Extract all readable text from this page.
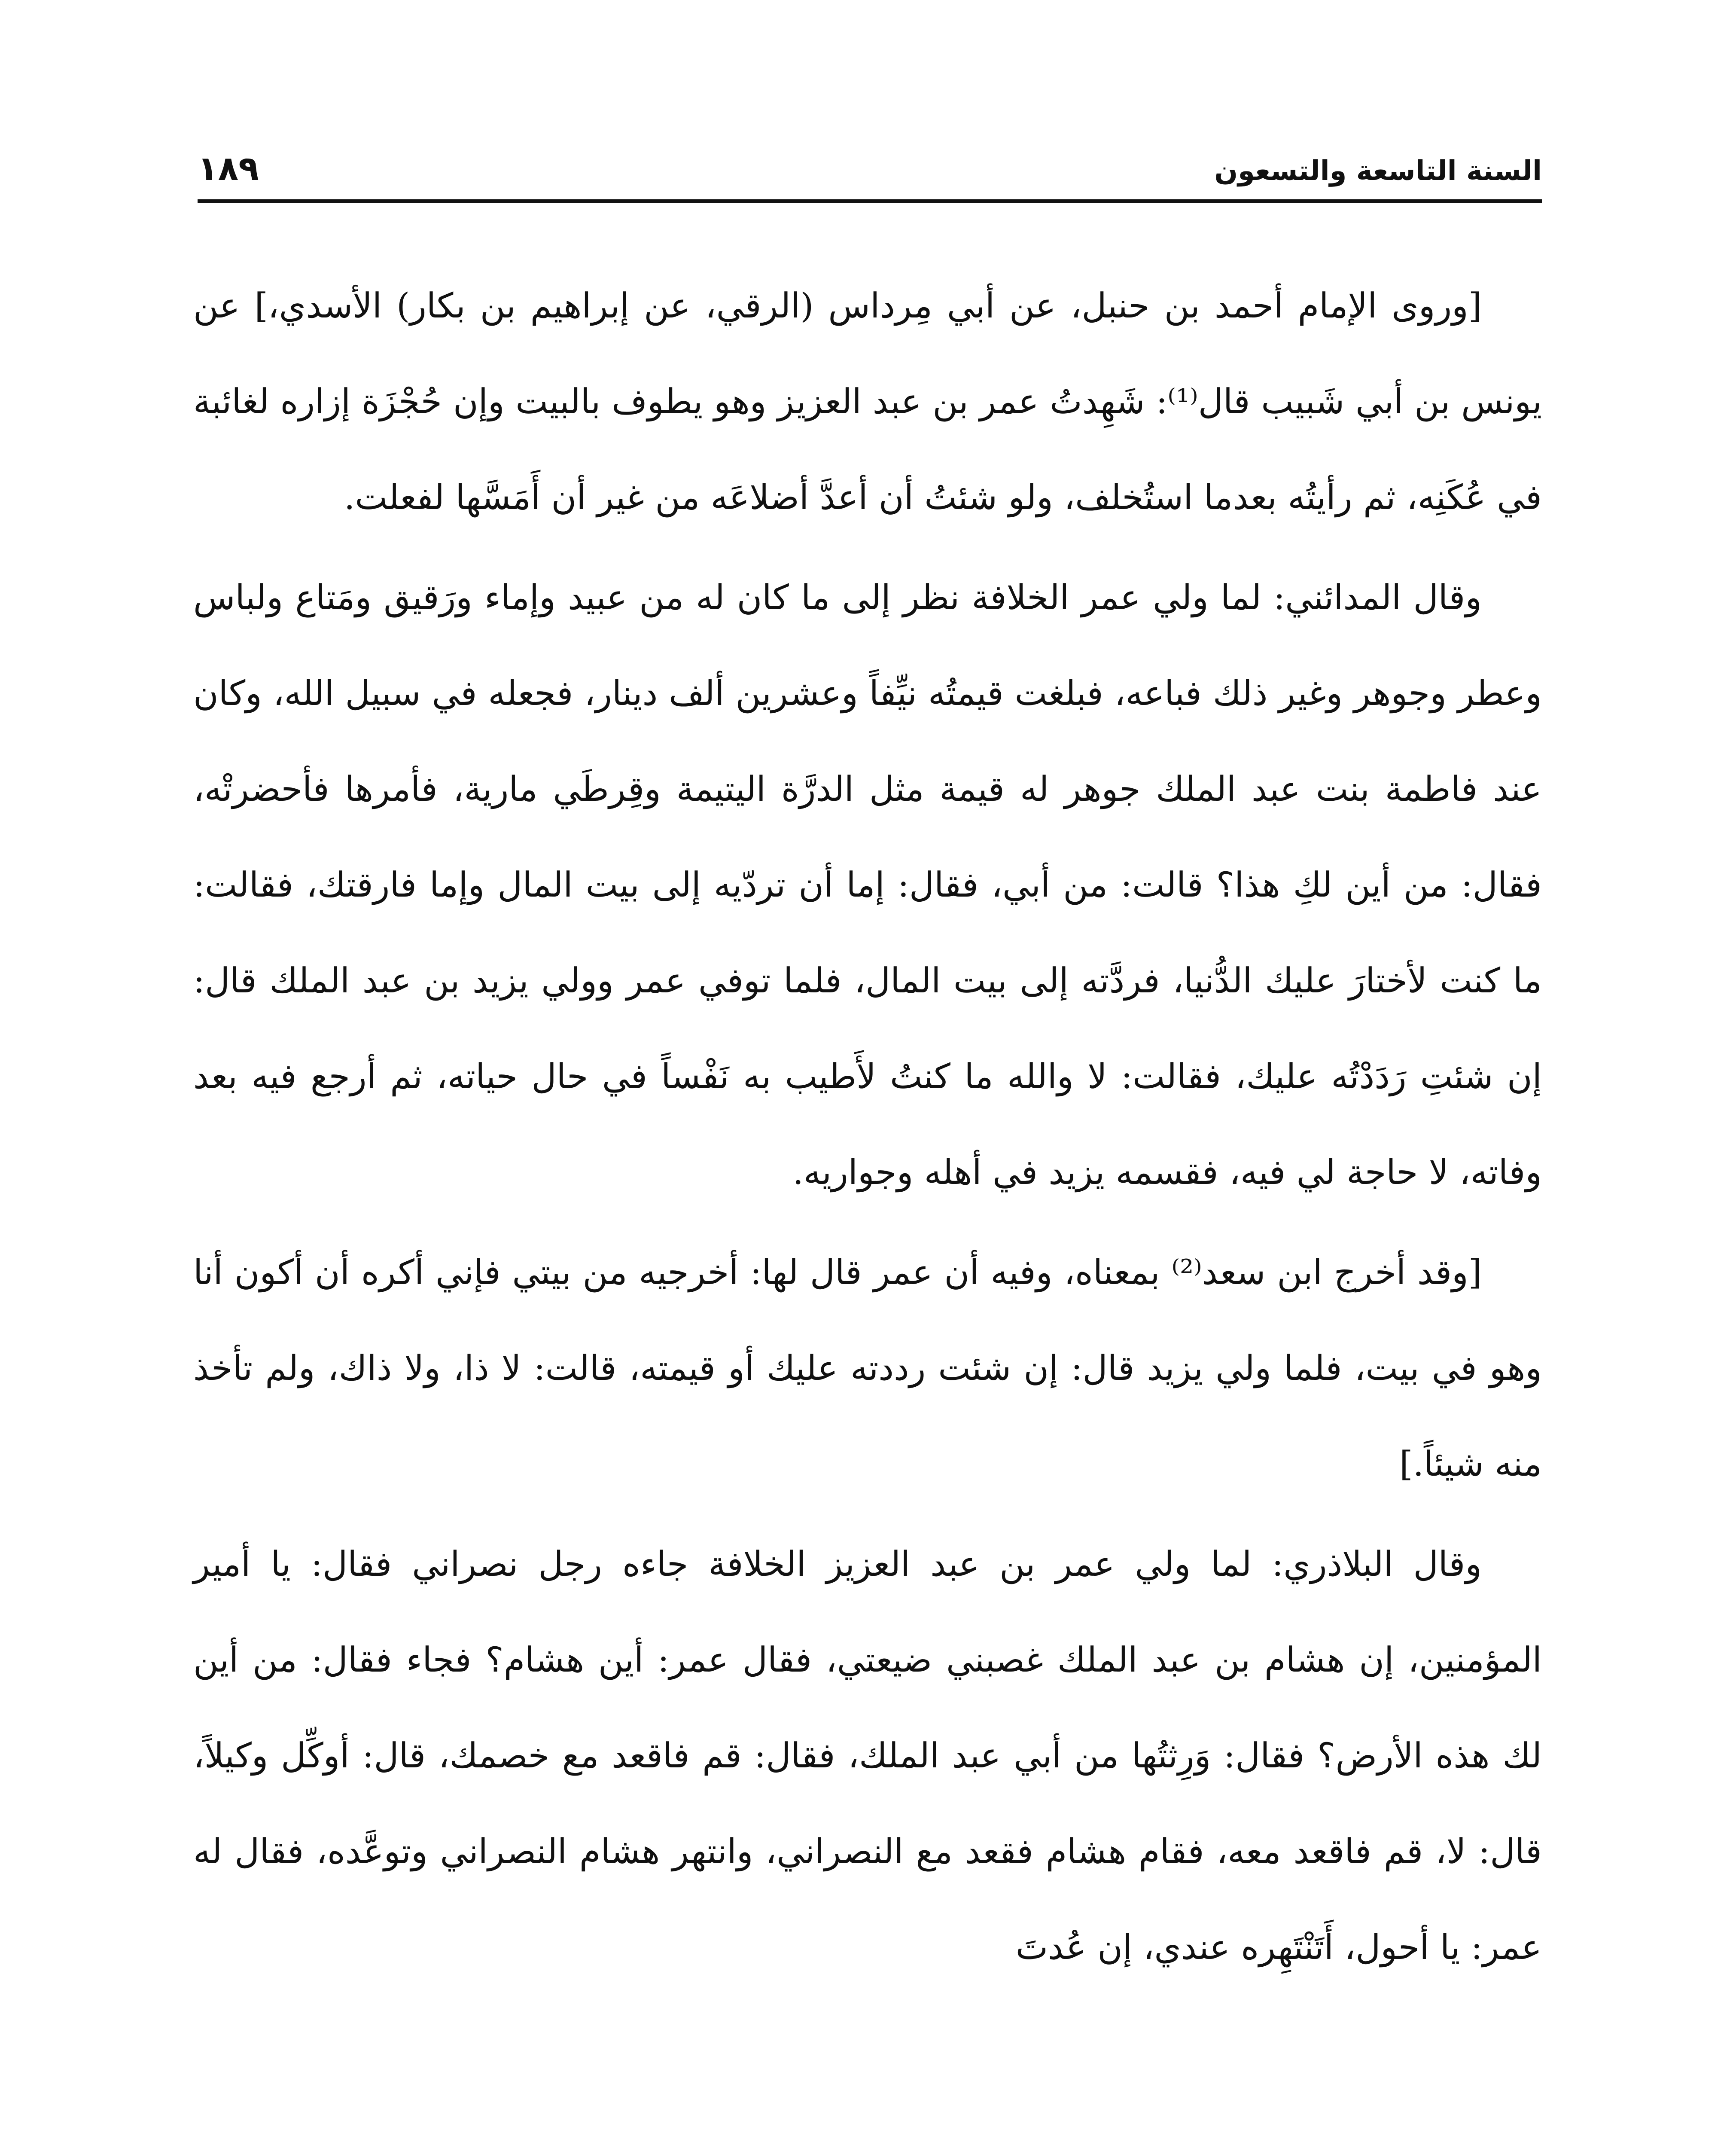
السنة التاسعة والتسعون
١٨٩

[وروى الإمام أحمد بن حنبل، عن أبي مِرداس (الرقي، عن إبراهيم بن بكار) الأسدي،] عن يونس بن أبي شَبيب قال⁽¹⁾: شَهِدتُ عمر بن عبد العزيز وهو يطوف بالبيت وإن حُجْزَة إزاره لغائبة في عُكَنِه، ثم رأيتُه بعدما استُخلف، ولو شئتُ أن أعدَّ أضلاعَه من غير أن أَمَسَّها لفعلت.

وقال المدائني: لما ولي عمر الخلافة نظر إلى ما كان له من عبيد وإماء ورَقيق ومَتاع ولباس وعطر وجوهر وغير ذلك فباعه، فبلغت قيمتُه نيِّفاً وعشرين ألف دينار، فجعله في سبيل الله، وكان عند فاطمة بنت عبد الملك جوهر له قيمة مثل الدرَّة اليتيمة وقِرطَي مارية، فأمرها فأحضرتْه، فقال: من أين لكِ هذا؟ قالت: من أبي، فقال: إما أن تردّيه إلى بيت المال وإما فارقتك، فقالت: ما كنت لأختارَ عليك الدُّنيا، فردَّته إلى بيت المال، فلما توفي عمر وولي يزيد بن عبد الملك قال: إن شئتِ رَدَدْتُه عليك، فقالت: لا والله ما كنتُ لأَطيب به نَفْساً في حال حياته، ثم أرجع فيه بعد وفاته، لا حاجة لي فيه، فقسمه يزيد في أهله وجواريه.

[وقد أخرج ابن سعد⁽²⁾ بمعناه، وفيه أن عمر قال لها: أخرجيه من بيتي فإني أكره أن أكون أنا وهو في بيت، فلما ولي يزيد قال: إن شئت رددته عليك أو قيمته، قالت: لا ذا، ولا ذاك، ولم تأخذ منه شيئاً.]

وقال البلاذري: لما ولي عمر بن عبد العزيز الخلافة جاءه رجل نصراني فقال: يا أمير المؤمنين، إن هشام بن عبد الملك غصبني ضيعتي، فقال عمر: أين هشام؟ فجاء فقال: من أين لك هذه الأرض؟ فقال: وَرِثتُها من أبي عبد الملك، فقال: قم فاقعد مع خصمك، قال: أوكِّل وكيلاً، قال: لا، قم فاقعد معه، فقام هشام فقعد مع النصراني، وانتهر هشام النصراني وتوعَّده، فقال له عمر: يا أحول، أَتَنْتَهِره عندي، إن عُدتَ
